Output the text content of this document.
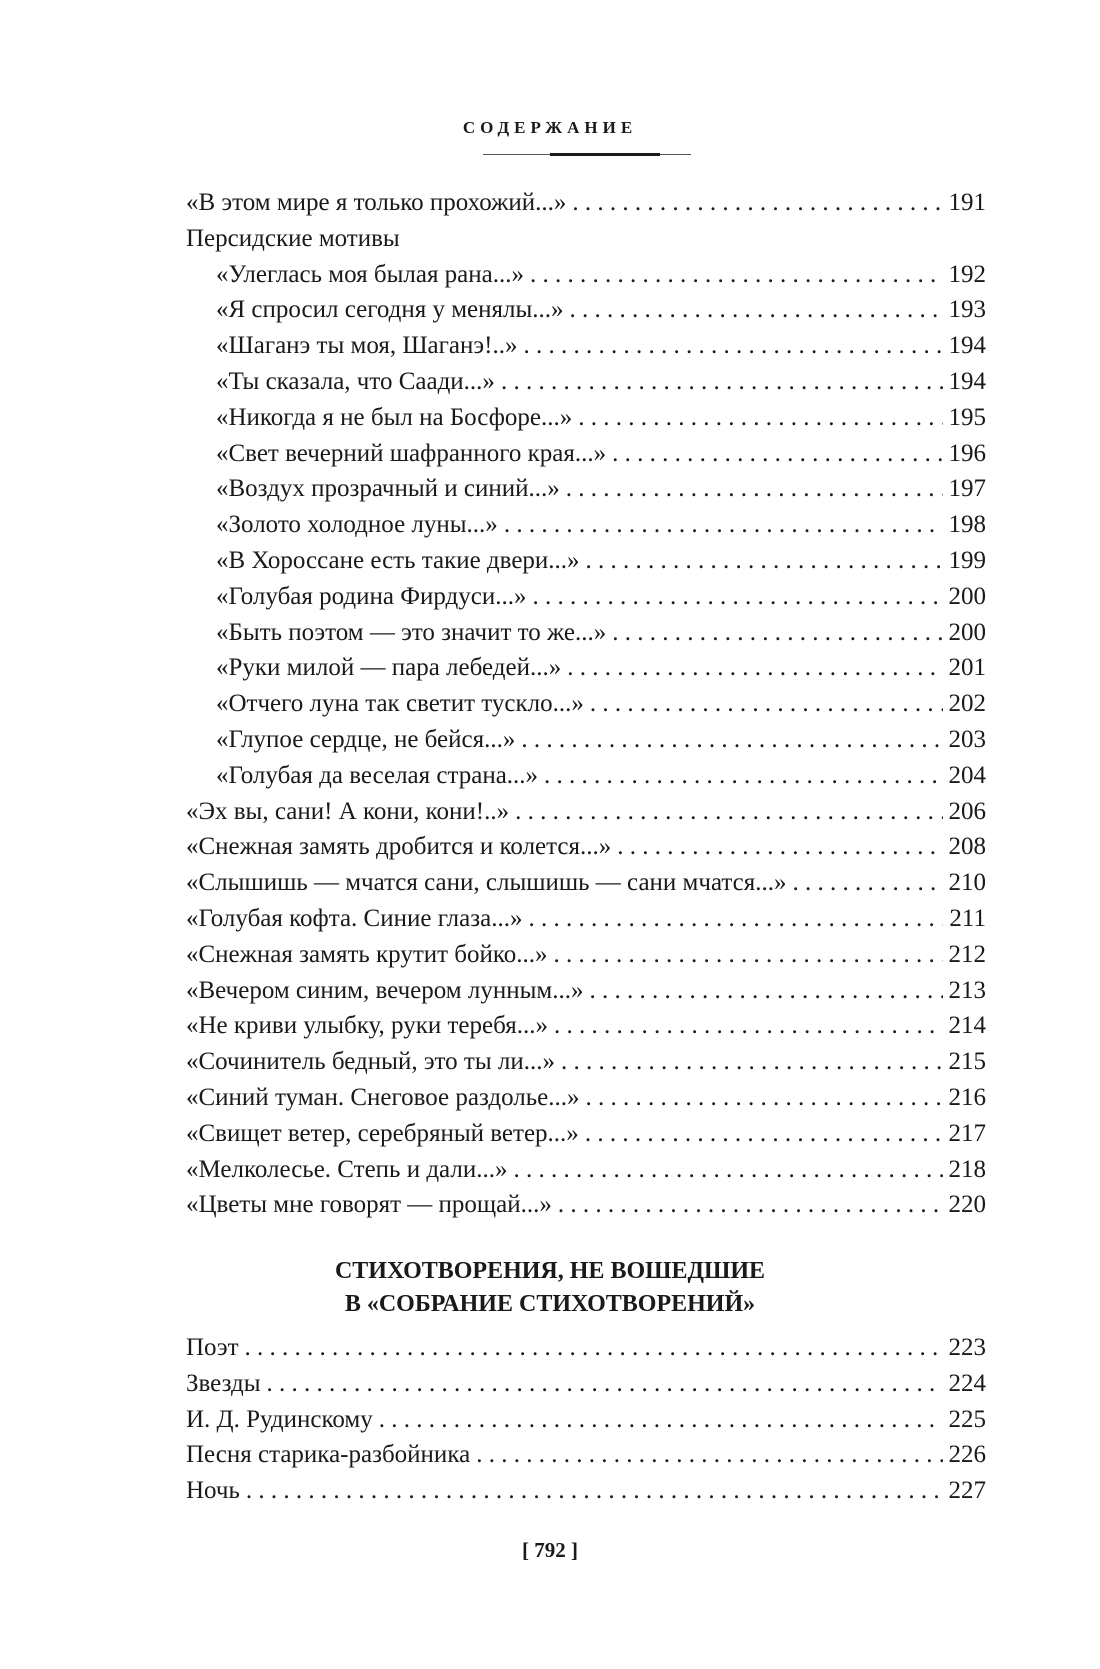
СОДЕРЖАНИЕ
«В этом мире я только прохожий...» . . .	191
Персидские мотивы
«Улеглась моя былая рана...» . . .	192
«Я спросил сегодня у менялы...» . . .	193
«Шаганэ ты моя, Шаганэ!..» . . .	194
«Ты сказала, что Саади...» . . .	194
«Никогда я не был на Босфоре...» . . .	195
«Свет вечерний шафранного края...» . . .	196
«Воздух прозрачный и синий...» . . .	197
«Золото холодное луны...» . . .	198
«В Хороссане есть такие двери...» . . .	199
«Голубая родина Фирдуси...» . . .	200
«Быть поэтом — это значит то же...» . . .	200
«Руки милой — пара лебедей...» . . .	201
«Отчего луна так светит тускло...» . . .	202
«Глупое сердце, не бейся...» . . .	203
«Голубая да веселая страна...» . . .	204
«Эх вы, сани! А кони, кони!..» . . .	206
«Снежная замять дробится и колется...» . . .	208
«Слышишь — мчатся сани, слышишь — сани мчатся...» . . .	210
«Голубая кофта. Синие глаза...» . . .	211
«Снежная замять крутит бойко...» . . .	212
«Вечером синим, вечером лунным...» . . .	213
«Не криви улыбку, руки теребя...» . . .	214
«Сочинитель бедный, это ты ли...» . . .	215
«Синий туман. Снеговое раздолье...» . . .	216
«Свищет ветер, серебряный ветер...» . . .	217
«Мелколесье. Степь и дали...» . . .	218
«Цветы мне говорят — прощай...» . . .	220
СТИХОТВОРЕНИЯ, НЕ ВОШЕДШИЕ
В «СОБРАНИЕ СТИХОТВОРЕНИЙ»
Поэт . . .	223
Звезды . . .	224
И. Д. Рудинскому . . .	225
Песня старика-разбойника . . .	226
Ночь . . .	227
[ 792 ]
